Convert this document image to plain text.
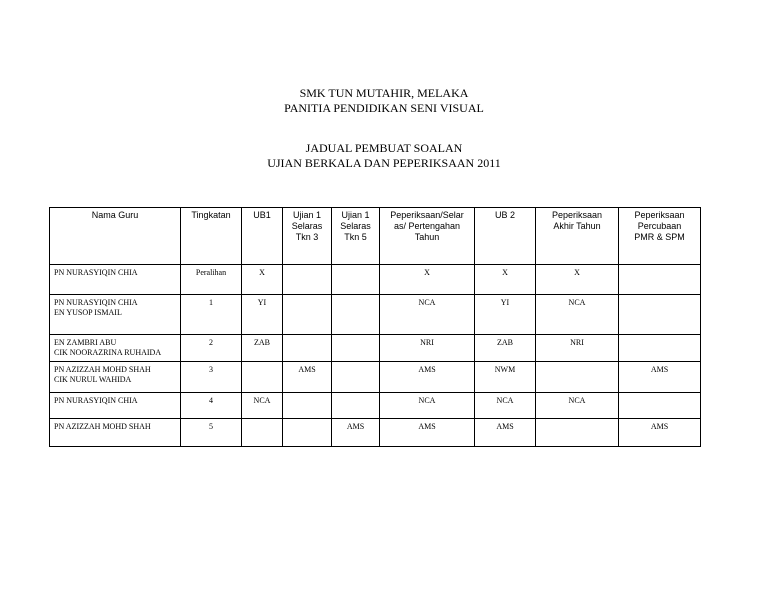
SMK TUN MUTAHIR, MELAKA
PANITIA PENDIDIKAN SENI VISUAL
JADUAL PEMBUAT SOALAN
UJIAN BERKALA DAN PEPERIKSAAN 2011
Nama Guru	Tingkatan	UB1	Ujian 1
Selaras
Tkn 3	Ujian 1
Selaras
Tkn 5	Peperiksaan/Selar
as/ Pertengahan
Tahun	UB 2	Peperiksaan
Akhir Tahun	Peperiksaan
Percubaan
PMR & SPM

PN NURASYIQIN CHIA	Peralihan	X			X	X	X	

PN NURASYIQIN CHIA
EN YUSOP ISMAIL	1	YI			NCA	YI	NCA	

EN ZAMBRI ABU
CIK NOORAZRINA RUHAIDA	2	ZAB			NRI	ZAB	NRI	

PN AZIZZAH MOHD SHAH
CIK NURUL WAHIDA	3		AMS		AMS	NWM		AMS

PN NURASYIQIN CHIA	4	NCA			NCA	NCA	NCA	

PN AZIZZAH MOHD SHAH	5			AMS	AMS	AMS		AMS
